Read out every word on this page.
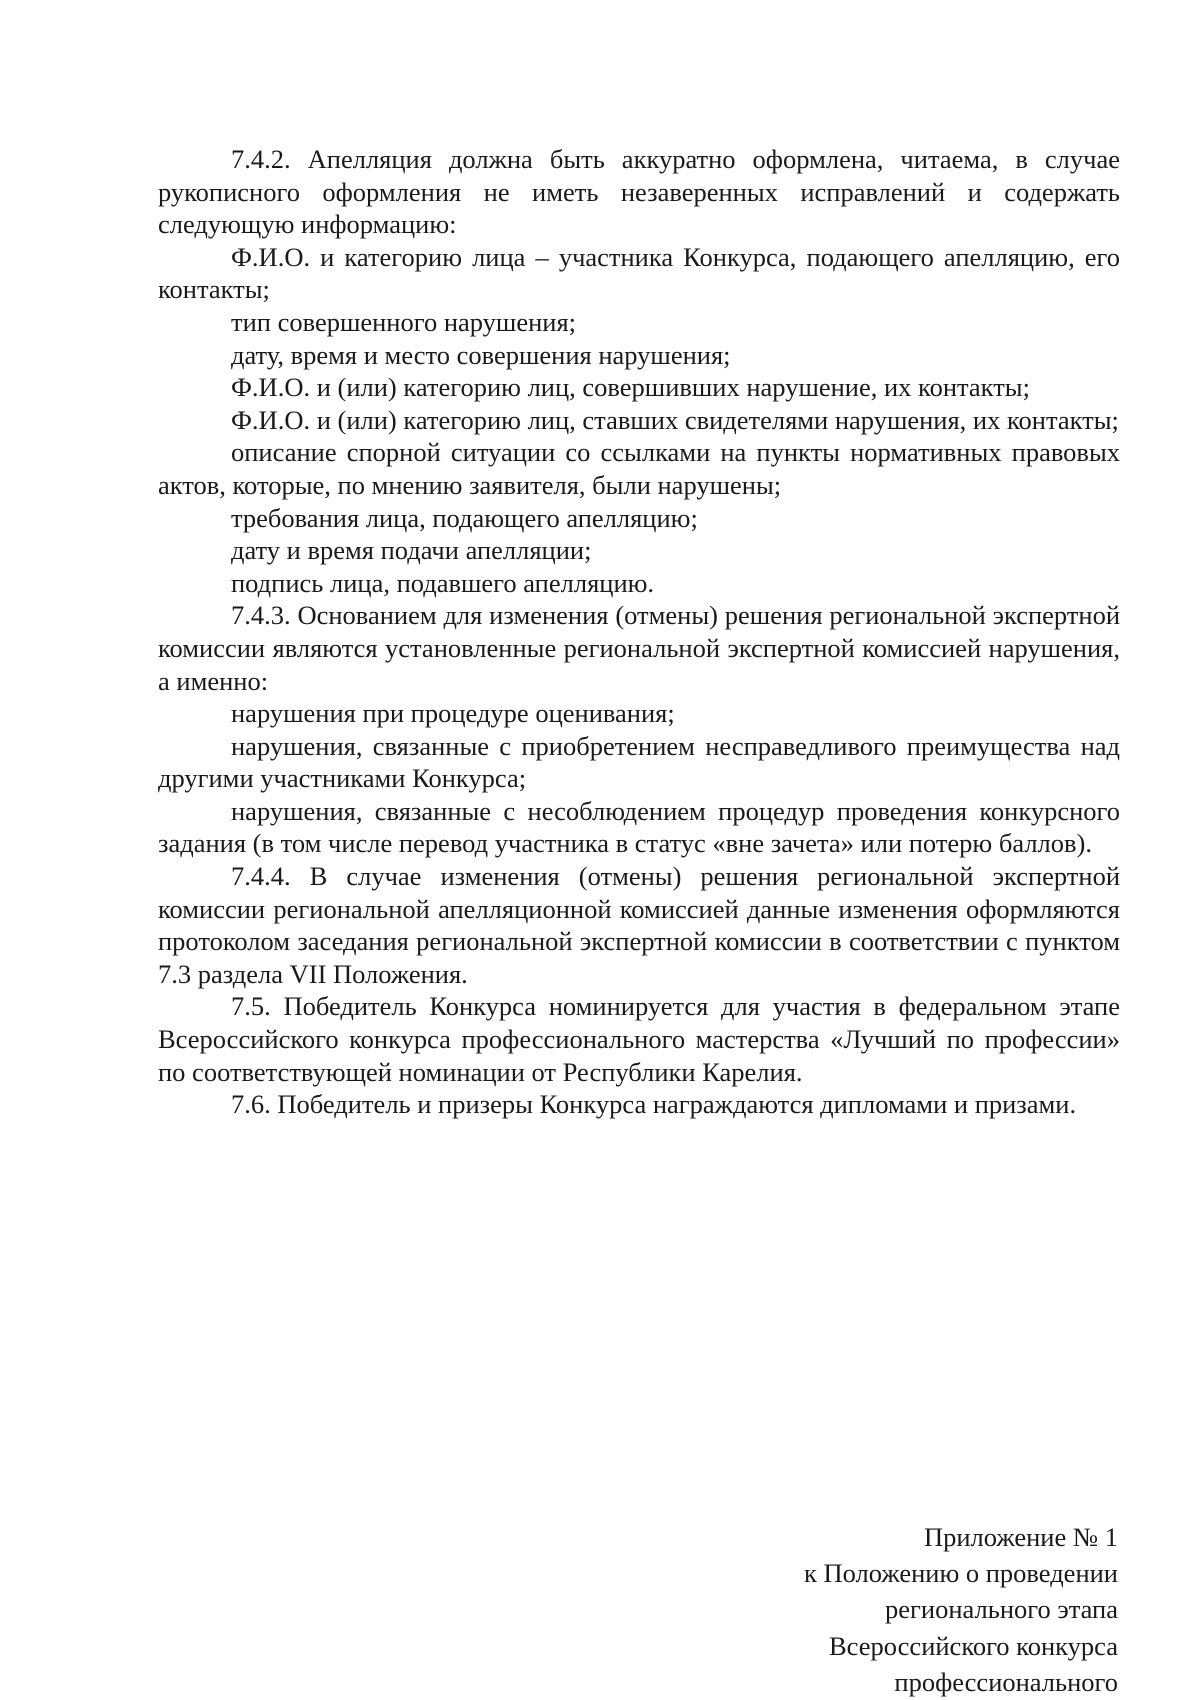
7.4.2. Апелляция должна быть аккуратно оформлена, читаема, в случае рукописного оформления не иметь незаверенных исправлений и содержать следующую информацию:

Ф.И.О. и категорию лица – участника Конкурса, подающего апелляцию, его контакты;

тип совершенного нарушения;

дату, время и место совершения нарушения;

Ф.И.О. и (или) категорию лиц, совершивших нарушение, их контакты;

Ф.И.О. и (или) категорию лиц, ставших свидетелями нарушения, их контакты;

описание спорной ситуации со ссылками на пункты нормативных правовых актов, которые, по мнению заявителя, были нарушены;

требования лица, подающего апелляцию;

дату и время подачи апелляции;

подпись лица, подавшего апелляцию.

7.4.3. Основанием для изменения (отмены) решения региональной экспертной комиссии являются установленные региональной экспертной комиссией нарушения, а именно:

нарушения при процедуре оценивания;

нарушения, связанные с приобретением несправедливого преимущества над другими участниками Конкурса;

нарушения, связанные с несоблюдением процедур проведения конкурсного задания (в том числе перевод участника в статус «вне зачета» или потерю баллов).

7.4.4. В случае изменения (отмены) решения региональной экспертной комиссии региональной апелляционной комиссией данные изменения оформляются протоколом заседания региональной экспертной комиссии в соответствии с пунктом 7.3 раздела VII Положения.

7.5. Победитель Конкурса номинируется для участия в федеральном этапе Всероссийского конкурса профессионального мастерства «Лучший по профессии» по соответствующей номинации от Республики Карелия.

7.6. Победитель и призеры Конкурса награждаются дипломами и призами.

Приложение № 1
к Положению о проведении
регионального этапа
Всероссийского конкурса
профессионального
